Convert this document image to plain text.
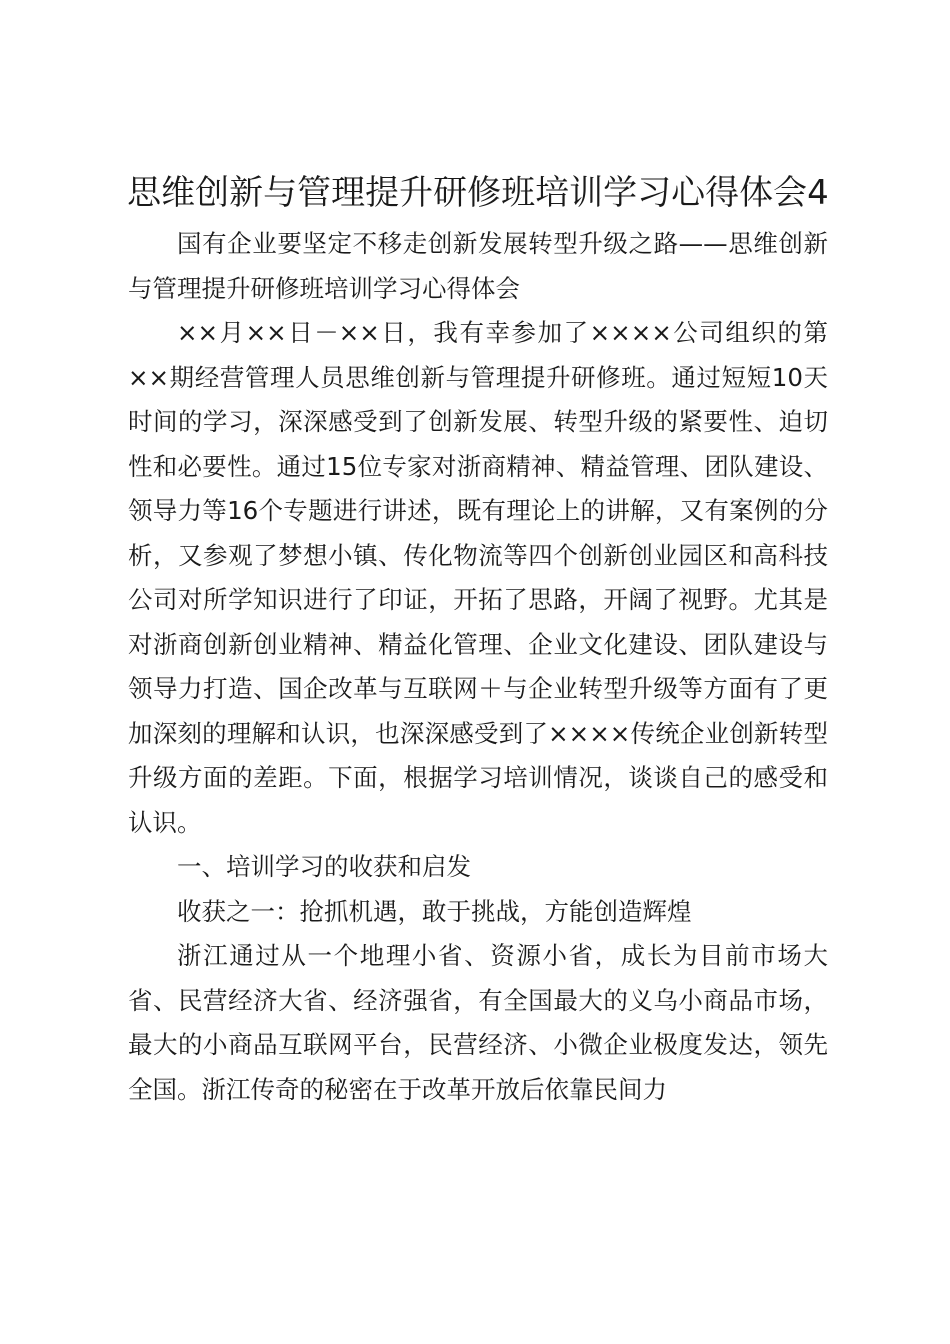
思维创新与管理提升研修班培训学习心得体会4

国有企业要坚定不移走创新发展转型升级之路——思维创新与管理提升研修班培训学习心得体会

××月××日－××日，我有幸参加了××××公司组织的第××期经营管理人员思维创新与管理提升研修班。通过短短10天时间的学习，深深感受到了创新发展、转型升级的紧要性、迫切性和必要性。通过15位专家对浙商精神、精益管理、团队建设、领导力等16个专题进行讲述，既有理论上的讲解，又有案例的分析，又参观了梦想小镇、传化物流等四个创新创业园区和高科技公司对所学知识进行了印证，开拓了思路，开阔了视野。尤其是对浙商创新创业精神、精益化管理、企业文化建设、团队建设与领导力打造、国企改革与互联网＋与企业转型升级等方面有了更加深刻的理解和认识，也深深感受到了××××传统企业创新转型升级方面的差距。下面，根据学习培训情况，谈谈自己的感受和认识。

一、培训学习的收获和启发

收获之一：抢抓机遇，敢于挑战，方能创造辉煌

浙江通过从一个地理小省、资源小省，成长为目前市场大省、民营经济大省、经济强省，有全国最大的义乌小商品市场，最大的小商品互联网平台，民营经济、小微企业极度发达，领先全国。浙江传奇的秘密在于改革开放后依靠民间力
